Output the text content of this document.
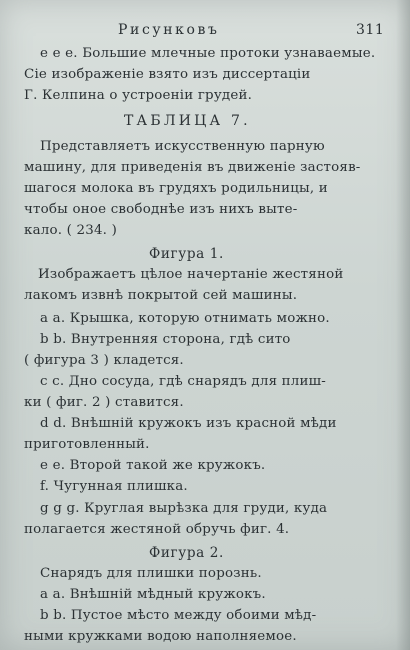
Рисунковъ	311
е е е. Большие млечные протоки узнаваемые.
Сіе изображеніе взято изъ диссертаціи
Г. Келпина о устроеніи грудей.
ТАБЛИЦА 7.
Представляетъ искусственную парную
машину, для приведенія въ движеніе застояв-
шагося молока въ грудяхъ родильницы, и
чтобы оное свободнѣе изъ нихъ выте-
кало. ( 234. )
Фигура 1.
Изображаетъ цѣлое начертаніе жестяной
лакомъ извнѣ покрытой сей машины.
a a. Крышка, которую отнимать можно.
b b. Внутренняя сторона, гдѣ сито
( фигура 3 ) кладется.
c c. Дно сосуда, гдѣ снарядъ для плиш-
ки ( фиг. 2 ) ставится.
d d. Внѣшній кружокъ изъ красной мѣди
приготовленный.
e e. Второй такой же кружокъ.
f. Чугунная плишка.
g g g. Круглая вырѣзка для груди, куда
полагается жестяной обручь фиг. 4.
Фигура 2.
Снарядъ для плишки порознь.
a a. Внѣшній мѣдный кружокъ.
b b. Пустое мѣсто между обоими мѣд-
ными кружками водою наполняемое.
